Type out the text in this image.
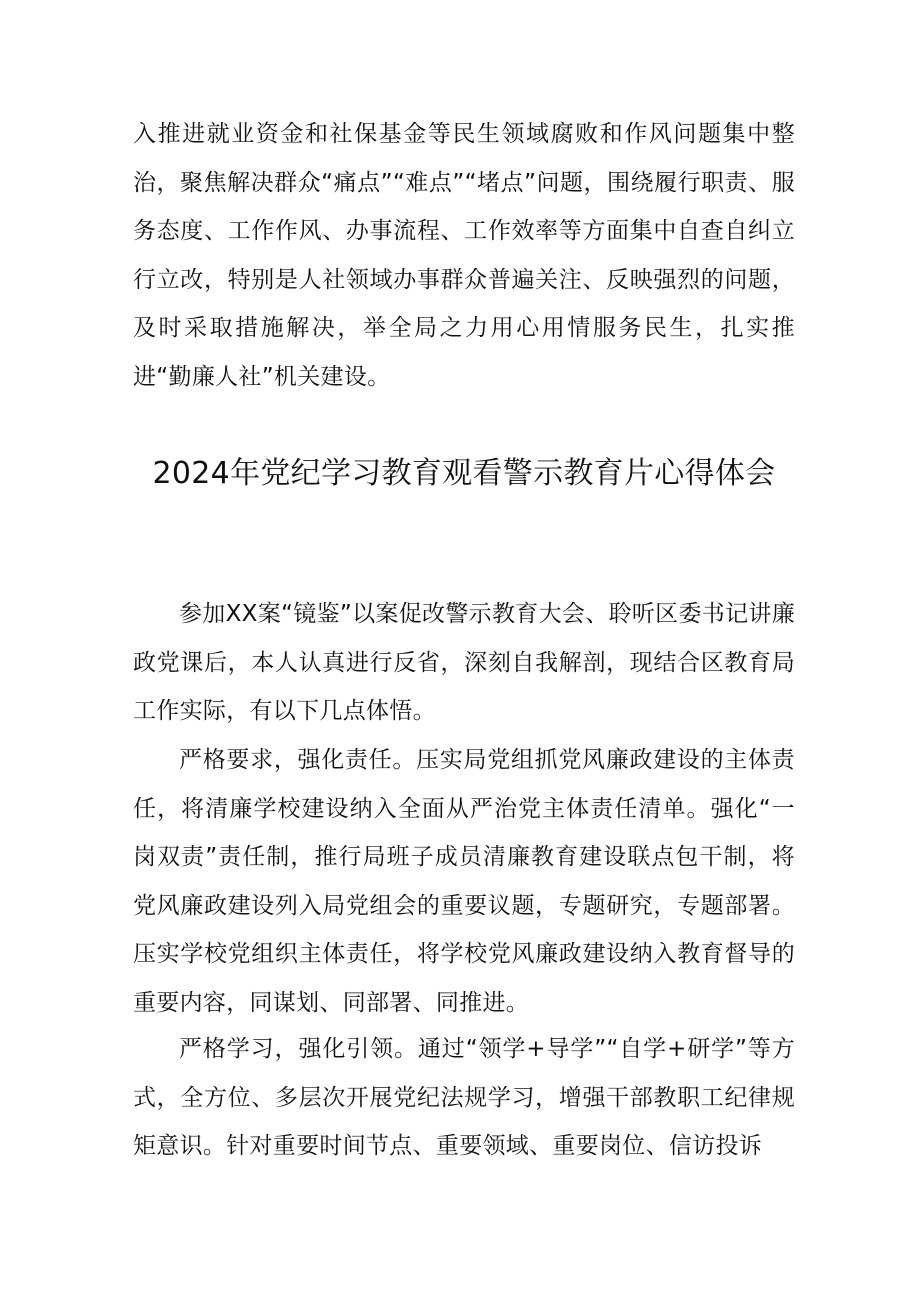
入推进就业资金和社保基金等民生领域腐败和作风问题集中整治，聚焦解决群众“痛点”“难点”“堵点”问题，围绕履行职责、服务态度、工作作风、办事流程、工作效率等方面集中自查自纠立行立改，特别是人社领域办事群众普遍关注、反映强烈的问题，及时采取措施解决，举全局之力用心用情服务民生，扎实推进“勤廉人社”机关建设。

2024年党纪学习教育观看警示教育片心得体会

参加XX案“镜鉴”以案促改警示教育大会、聆听区委书记讲廉政党课后，本人认真进行反省，深刻自我解剖，现结合区教育局工作实际，有以下几点体悟。

严格要求，强化责任。压实局党组抓党风廉政建设的主体责任，将清廉学校建设纳入全面从严治党主体责任清单。强化“一岗双责”责任制，推行局班子成员清廉教育建设联点包干制，将党风廉政建设列入局党组会的重要议题，专题研究，专题部署。压实学校党组织主体责任，将学校党风廉政建设纳入教育督导的重要内容，同谋划、同部署、同推进。

严格学习，强化引领。通过“领学+导学”“自学+研学”等方式，全方位、多层次开展党纪法规学习，增强干部教职工纪律规矩意识。针对重要时间节点、重要领域、重要岗位、信访投诉
